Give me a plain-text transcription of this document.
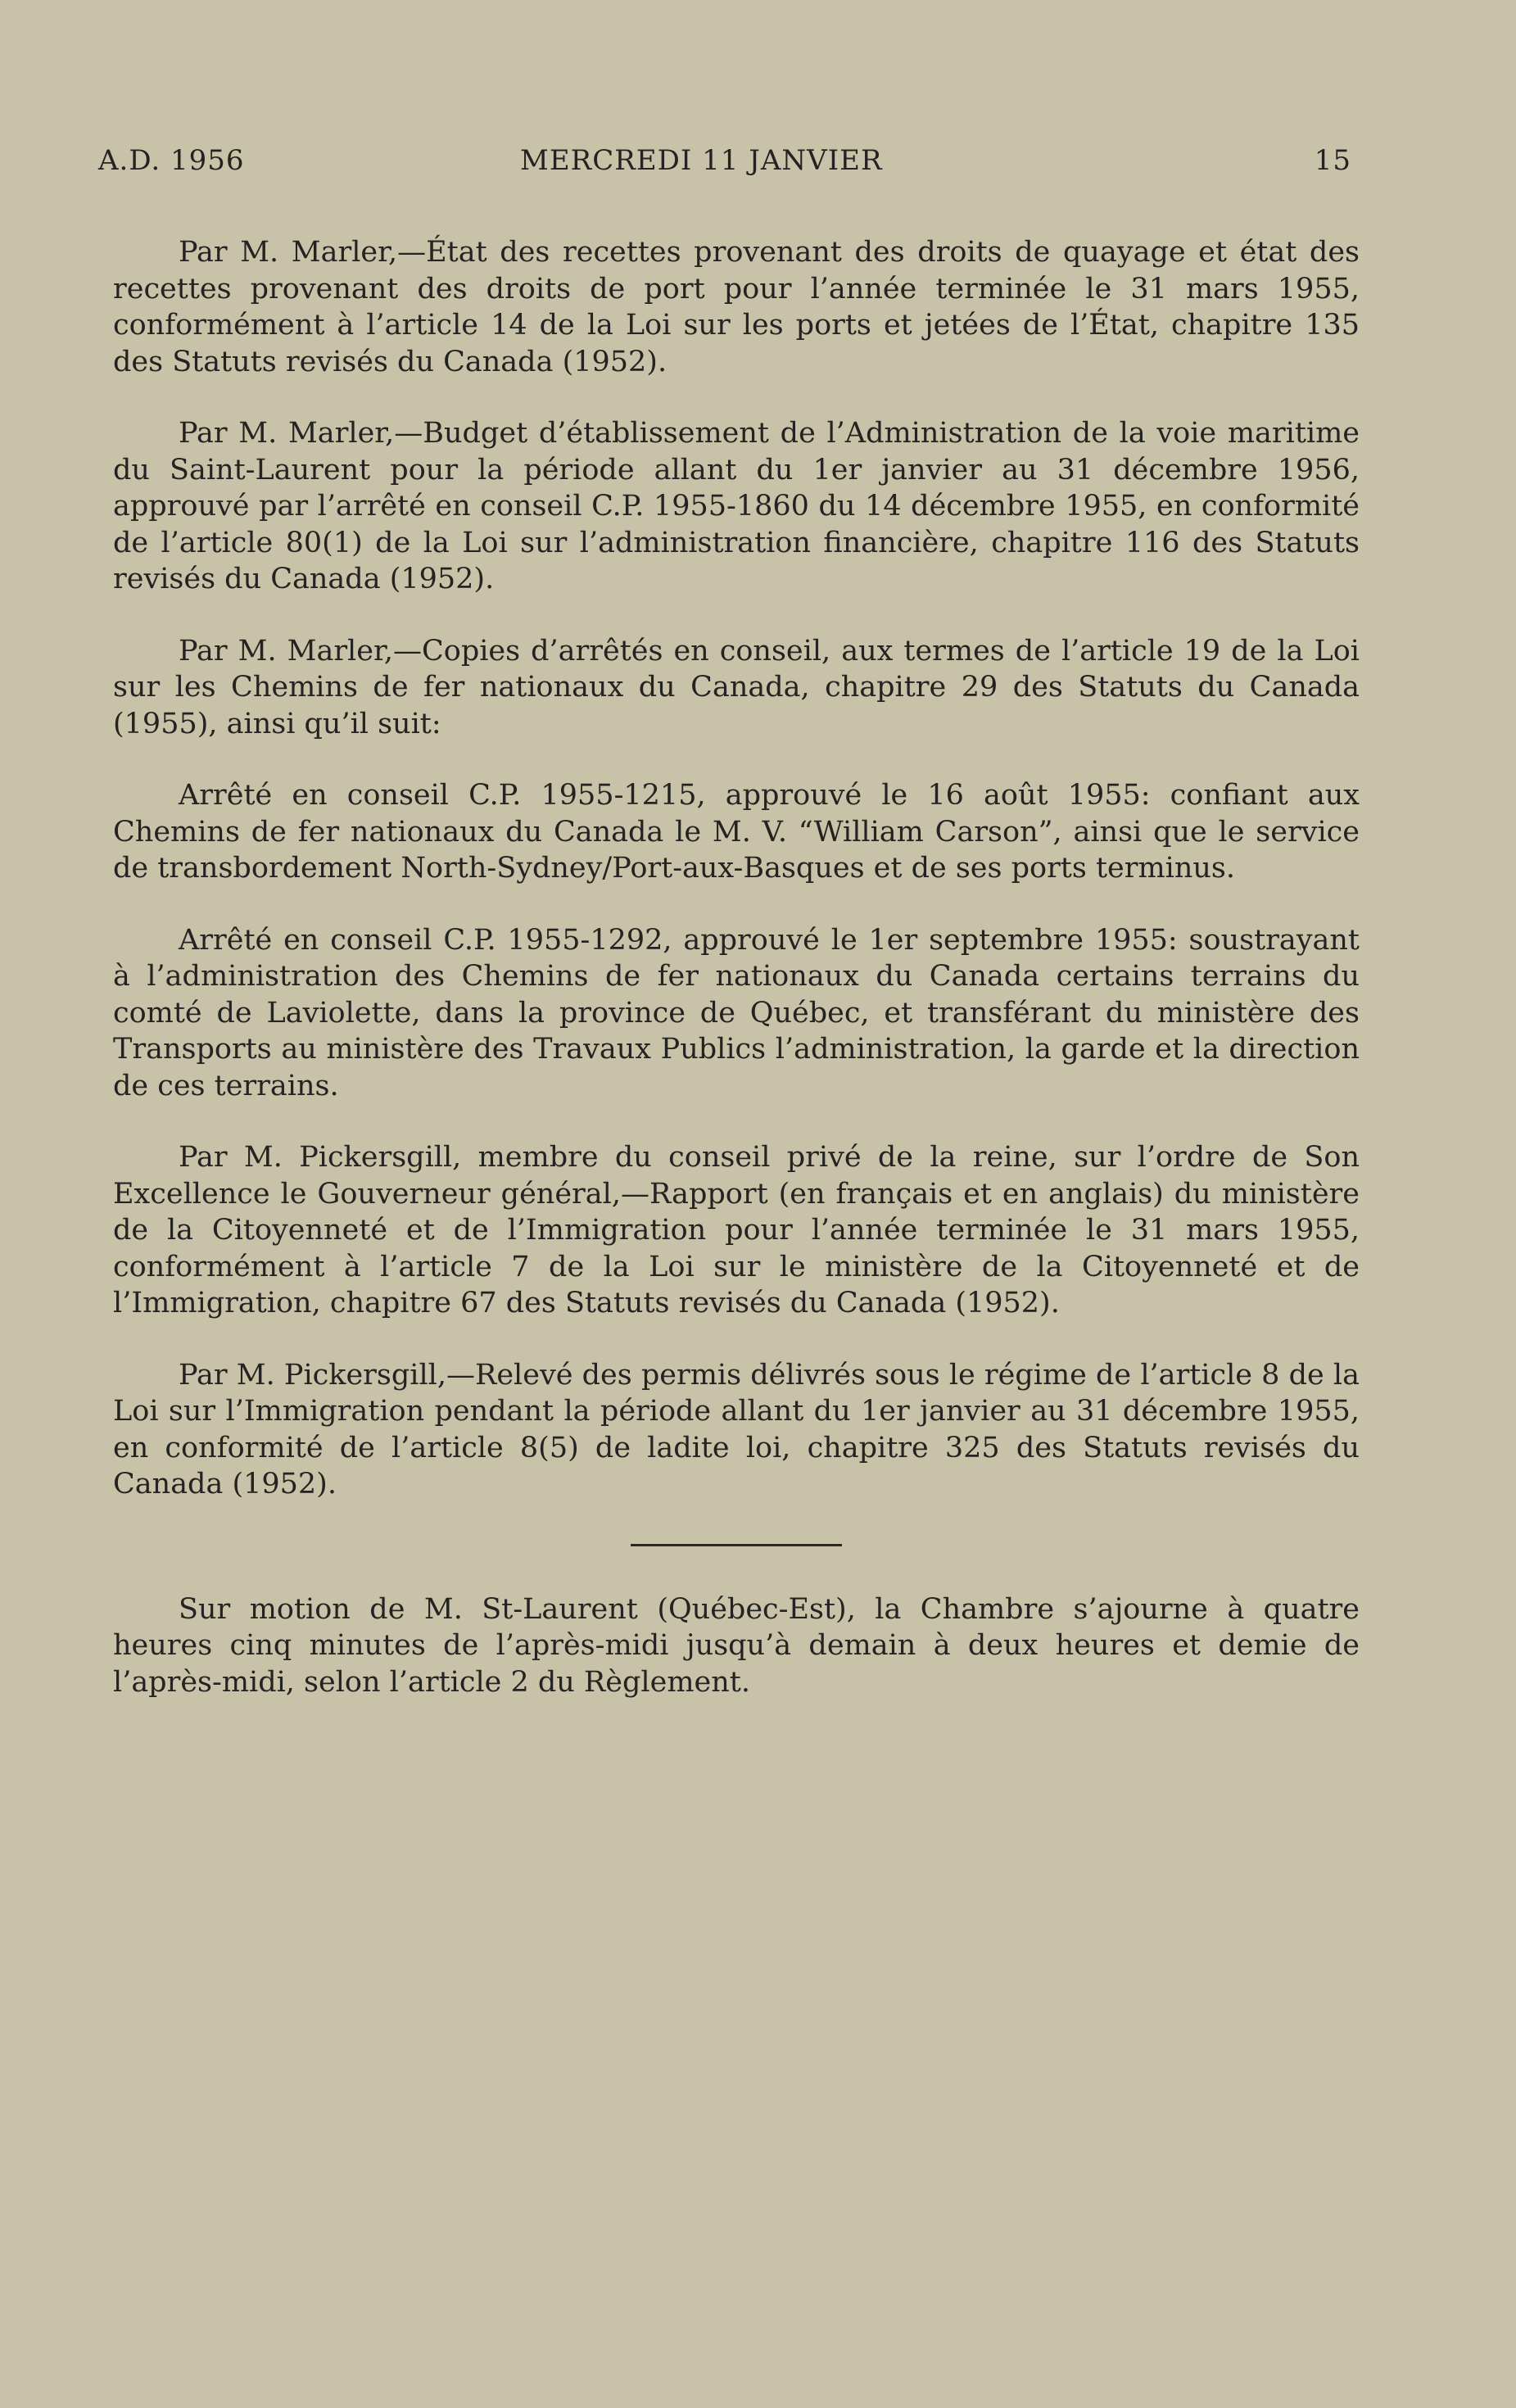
A.D. 1956	MERCREDI 11 JANVIER	15

Par M. Marler,—État des recettes provenant des droits de quayage et état des recettes provenant des droits de port pour l’année terminée le 31 mars 1955, conformément à l’article 14 de la Loi sur les ports et jetées de l’État, chapitre 135 des Statuts revisés du Canada (1952).

Par M. Marler,—Budget d’établissement de l’Administration de la voie maritime du Saint-Laurent pour la période allant du 1er janvier au 31 décembre 1956, approuvé par l’arrêté en conseil C.P. 1955-1860 du 14 décembre 1955, en conformité de l’article 80(1) de la Loi sur l’administration financière, chapitre 116 des Statuts revisés du Canada (1952).

Par M. Marler,—Copies d’arrêtés en conseil, aux termes de l’article 19 de la Loi sur les Chemins de fer nationaux du Canada, chapitre 29 des Statuts du Canada (1955), ainsi qu’il suit:

Arrêté en conseil C.P. 1955-1215, approuvé le 16 août 1955: confiant aux Chemins de fer nationaux du Canada le M. V. “William Carson”, ainsi que le service de transbordement North-Sydney/Port-aux-Basques et de ses ports terminus.

Arrêté en conseil C.P. 1955-1292, approuvé le 1er septembre 1955: soustrayant à l’administration des Chemins de fer nationaux du Canada certains terrains du comté de Laviolette, dans la province de Québec, et transférant du ministère des Transports au ministère des Travaux Publics l’administration, la garde et la direction de ces terrains.

Par M. Pickersgill, membre du conseil privé de la reine, sur l’ordre de Son Excellence le Gouverneur général,—Rapport (en français et en anglais) du ministère de la Citoyenneté et de l’Immigration pour l’année terminée le 31 mars 1955, conformément à l’article 7 de la Loi sur le ministère de la Citoyenneté et de l’Immigration, chapitre 67 des Statuts revisés du Canada (1952).

Par M. Pickersgill,—Relevé des permis délivrés sous le régime de l’article 8 de la Loi sur l’Immigration pendant la période allant du 1er janvier au 31 décembre 1955, en conformité de l’article 8(5) de ladite loi, chapitre 325 des Statuts revisés du Canada (1952).

Sur motion de M. St-Laurent (Québec-Est), la Chambre s’ajourne à quatre heures cinq minutes de l’après-midi jusqu’à demain à deux heures et demie de l’après-midi, selon l’article 2 du Règlement.
